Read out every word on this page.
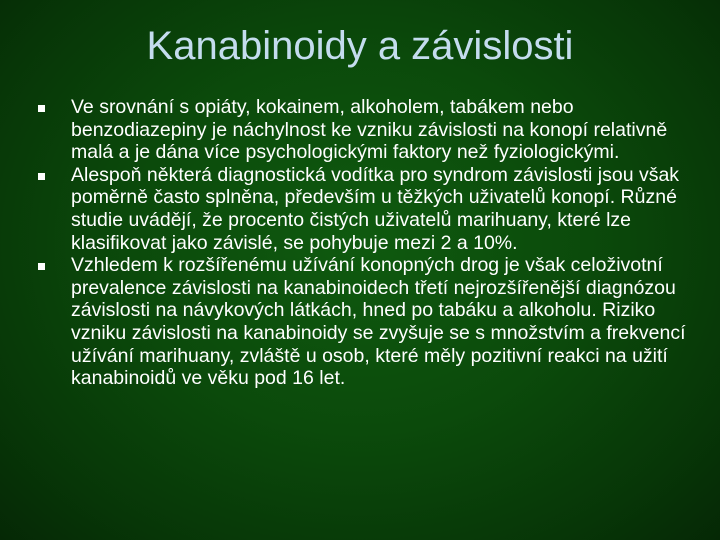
Kanabinoidy a závislosti
Ve srovnání s opiáty, kokainem, alkoholem, tabákem nebo benzodiazepiny je náchylnost ke vzniku závislosti na konopí relativně malá a je dána více psychologickými faktory než fyziologickými.
Alespoň některá diagnostická vodítka pro syndrom závislosti jsou však poměrně často splněna, především u těžkých uživatelů konopí. Různé studie uvádějí, že procento čistých uživatelů marihuany, které lze klasifikovat jako závislé, se pohybuje mezi 2 a 10%.
Vzhledem k rozšířenému užívání konopných drog je však celoživotní prevalence závislosti na kanabinoidech třetí nejrozšířenější diagnózou závislosti na návykových látkách, hned po tabáku a alkoholu. Riziko vzniku závislosti na kanabinoidy se zvyšuje se s množstvím a frekvencí užívání marihuany, zvláště u osob, které měly pozitivní reakci na užití kanabinoidů ve věku pod 16 let.
